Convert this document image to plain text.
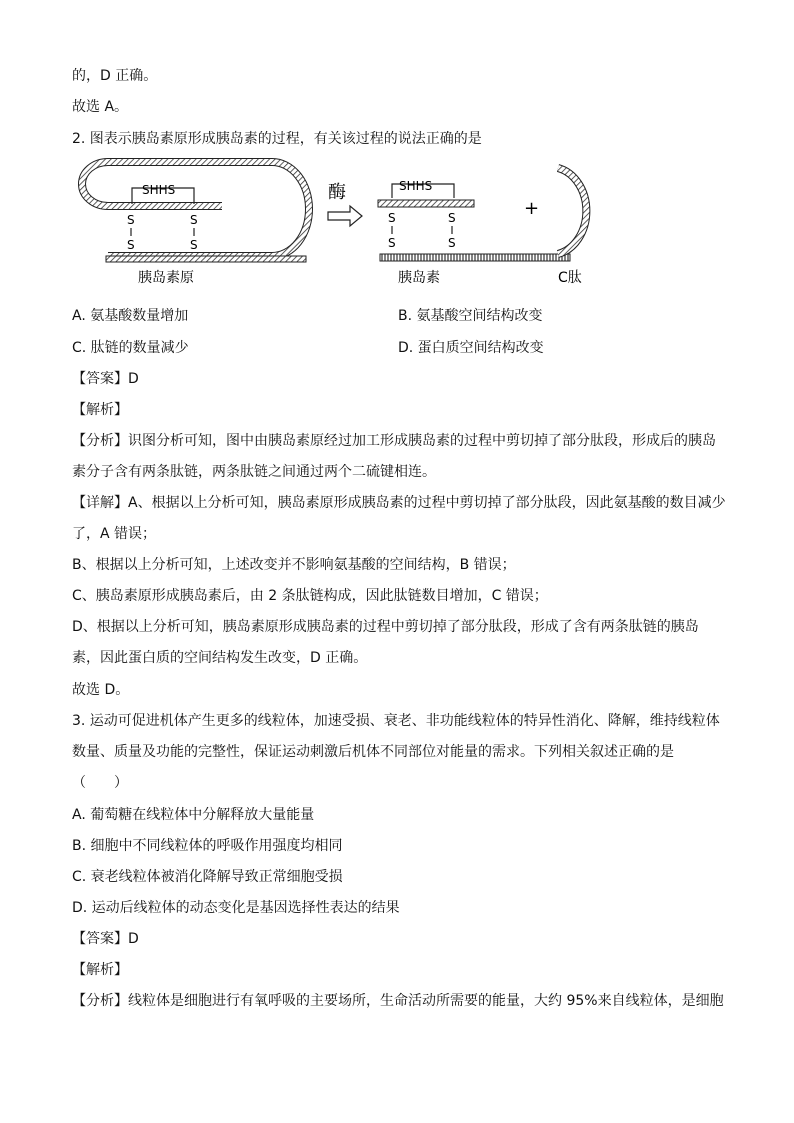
的，D 正确。
故选 A。
2. 图表示胰岛素原形成胰岛素的过程，有关该过程的说法正确的是
SHHS
S	S
S	S
胰岛素原
酶	SHHS
S	S
S	S
胰岛素
+
C肽
A. 氨基酸数量增加	B. 氨基酸空间结构改变
C. 肽链的数量减少	D. 蛋白质空间结构改变
【答案】D
【解析】
【分析】识图分析可知，图中由胰岛素原经过加工形成胰岛素的过程中剪切掉了部分肽段，形成后的胰岛
素分子含有两条肽链，两条肽链之间通过两个二硫键相连。
【详解】A、根据以上分析可知，胰岛素原形成胰岛素的过程中剪切掉了部分肽段，因此氨基酸的数目减少
了，A 错误；
B、根据以上分析可知，上述改变并不影响氨基酸的空间结构，B 错误；
C、胰岛素原形成胰岛素后，由 2 条肽链构成，因此肽链数目增加，C 错误；
D、根据以上分析可知，胰岛素原形成胰岛素的过程中剪切掉了部分肽段，形成了含有两条肽链的胰岛
素，因此蛋白质的空间结构发生改变，D 正确。
故选 D。
3. 运动可促进机体产生更多的线粒体，加速受损、衰老、非功能线粒体的特异性消化、降解，维持线粒体
数量、质量及功能的完整性，保证运动刺激后机体不同部位对能量的需求。下列相关叙述正确的是
（　　）
A. 葡萄糖在线粒体中分解释放大量能量
B. 细胞中不同线粒体的呼吸作用强度均相同
C. 衰老线粒体被消化降解导致正常细胞受损
D. 运动后线粒体的动态变化是基因选择性表达的结果
【答案】D
【解析】
【分析】线粒体是细胞进行有氧呼吸的主要场所，生命活动所需要的能量，大约 95%来自线粒体，是细胞
